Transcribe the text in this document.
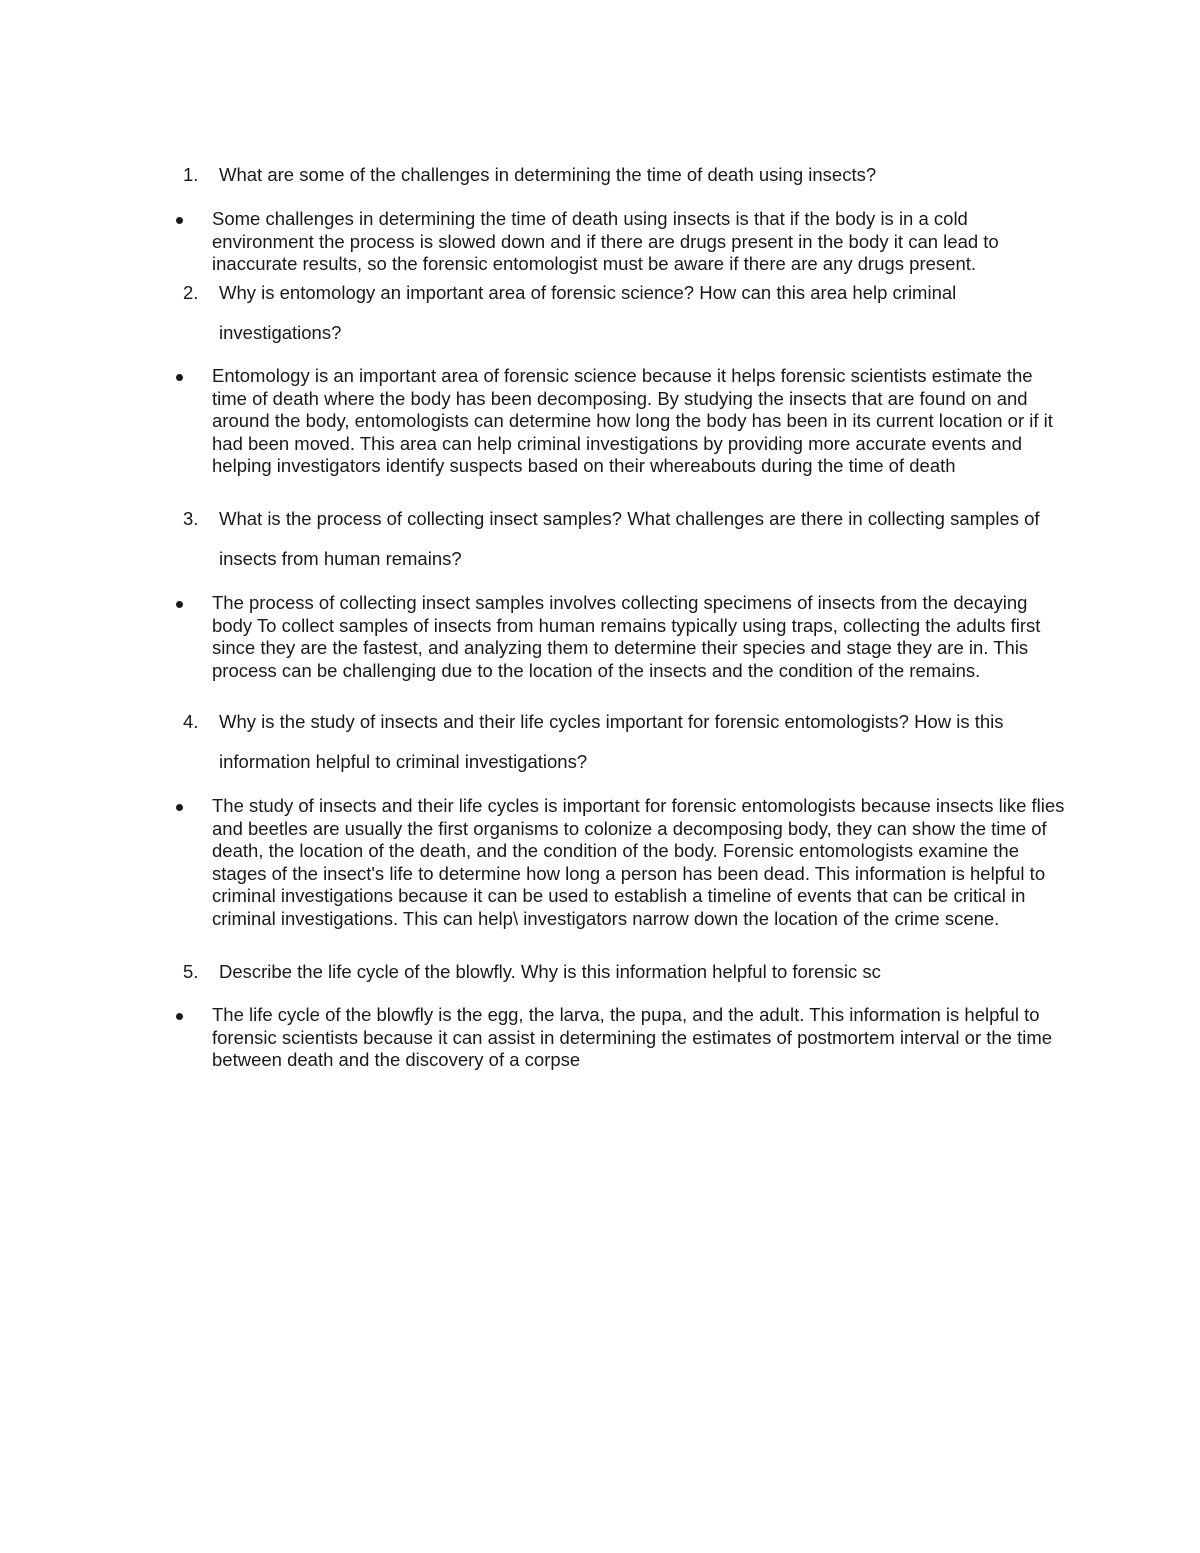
1.	What are some of the challenges in determining the time of death using insects?
Some challenges in determining the time of death using insects is that if the body is in a cold environment the process is slowed down and if there are drugs present in the body it can lead to inaccurate results, so the forensic entomologist must be aware if there are any drugs present.
2.	Why is entomology an important area of forensic science? How can this area help criminal investigations?
Entomology is an important area of forensic science because it helps forensic scientists estimate the time of death where the body has been decomposing. By studying the insects that are found on and around the body, entomologists can determine how long the body has been in its current location or if it had been moved. This area can help criminal investigations by providing more accurate events and helping investigators identify suspects based on their whereabouts during the time of death
3.	What is the process of collecting insect samples? What challenges are there in collecting samples of insects from human remains?
The process of collecting insect samples involves collecting specimens of insects from the decaying body To collect samples of insects from human remains typically using traps, collecting the adults first since they are the fastest, and analyzing them to determine their species and stage they are in. This process can be challenging due to the location of the insects and the condition of the remains.
4.	Why is the study of insects and their life cycles important for forensic entomologists? How is this information helpful to criminal investigations?
The study of insects and their life cycles is important for forensic entomologists because insects like flies and beetles are usually the first organisms to colonize a decomposing body, they can show the time of death, the location of the death, and the condition of the body. Forensic entomologists examine the stages of the insect's life to determine how long a person has been dead. This information is helpful to criminal investigations because it can be used to establish a timeline of events that can be critical in criminal investigations. This can help\ investigators narrow down the location of the crime scene.
5.	Describe the life cycle of the blowfly. Why is this information helpful to forensic sc
The life cycle of the blowfly is the egg, the larva, the pupa, and the adult. This information is helpful to forensic scientists because it can assist in determining the estimates of postmortem interval or the time between death and the discovery of a corpse
